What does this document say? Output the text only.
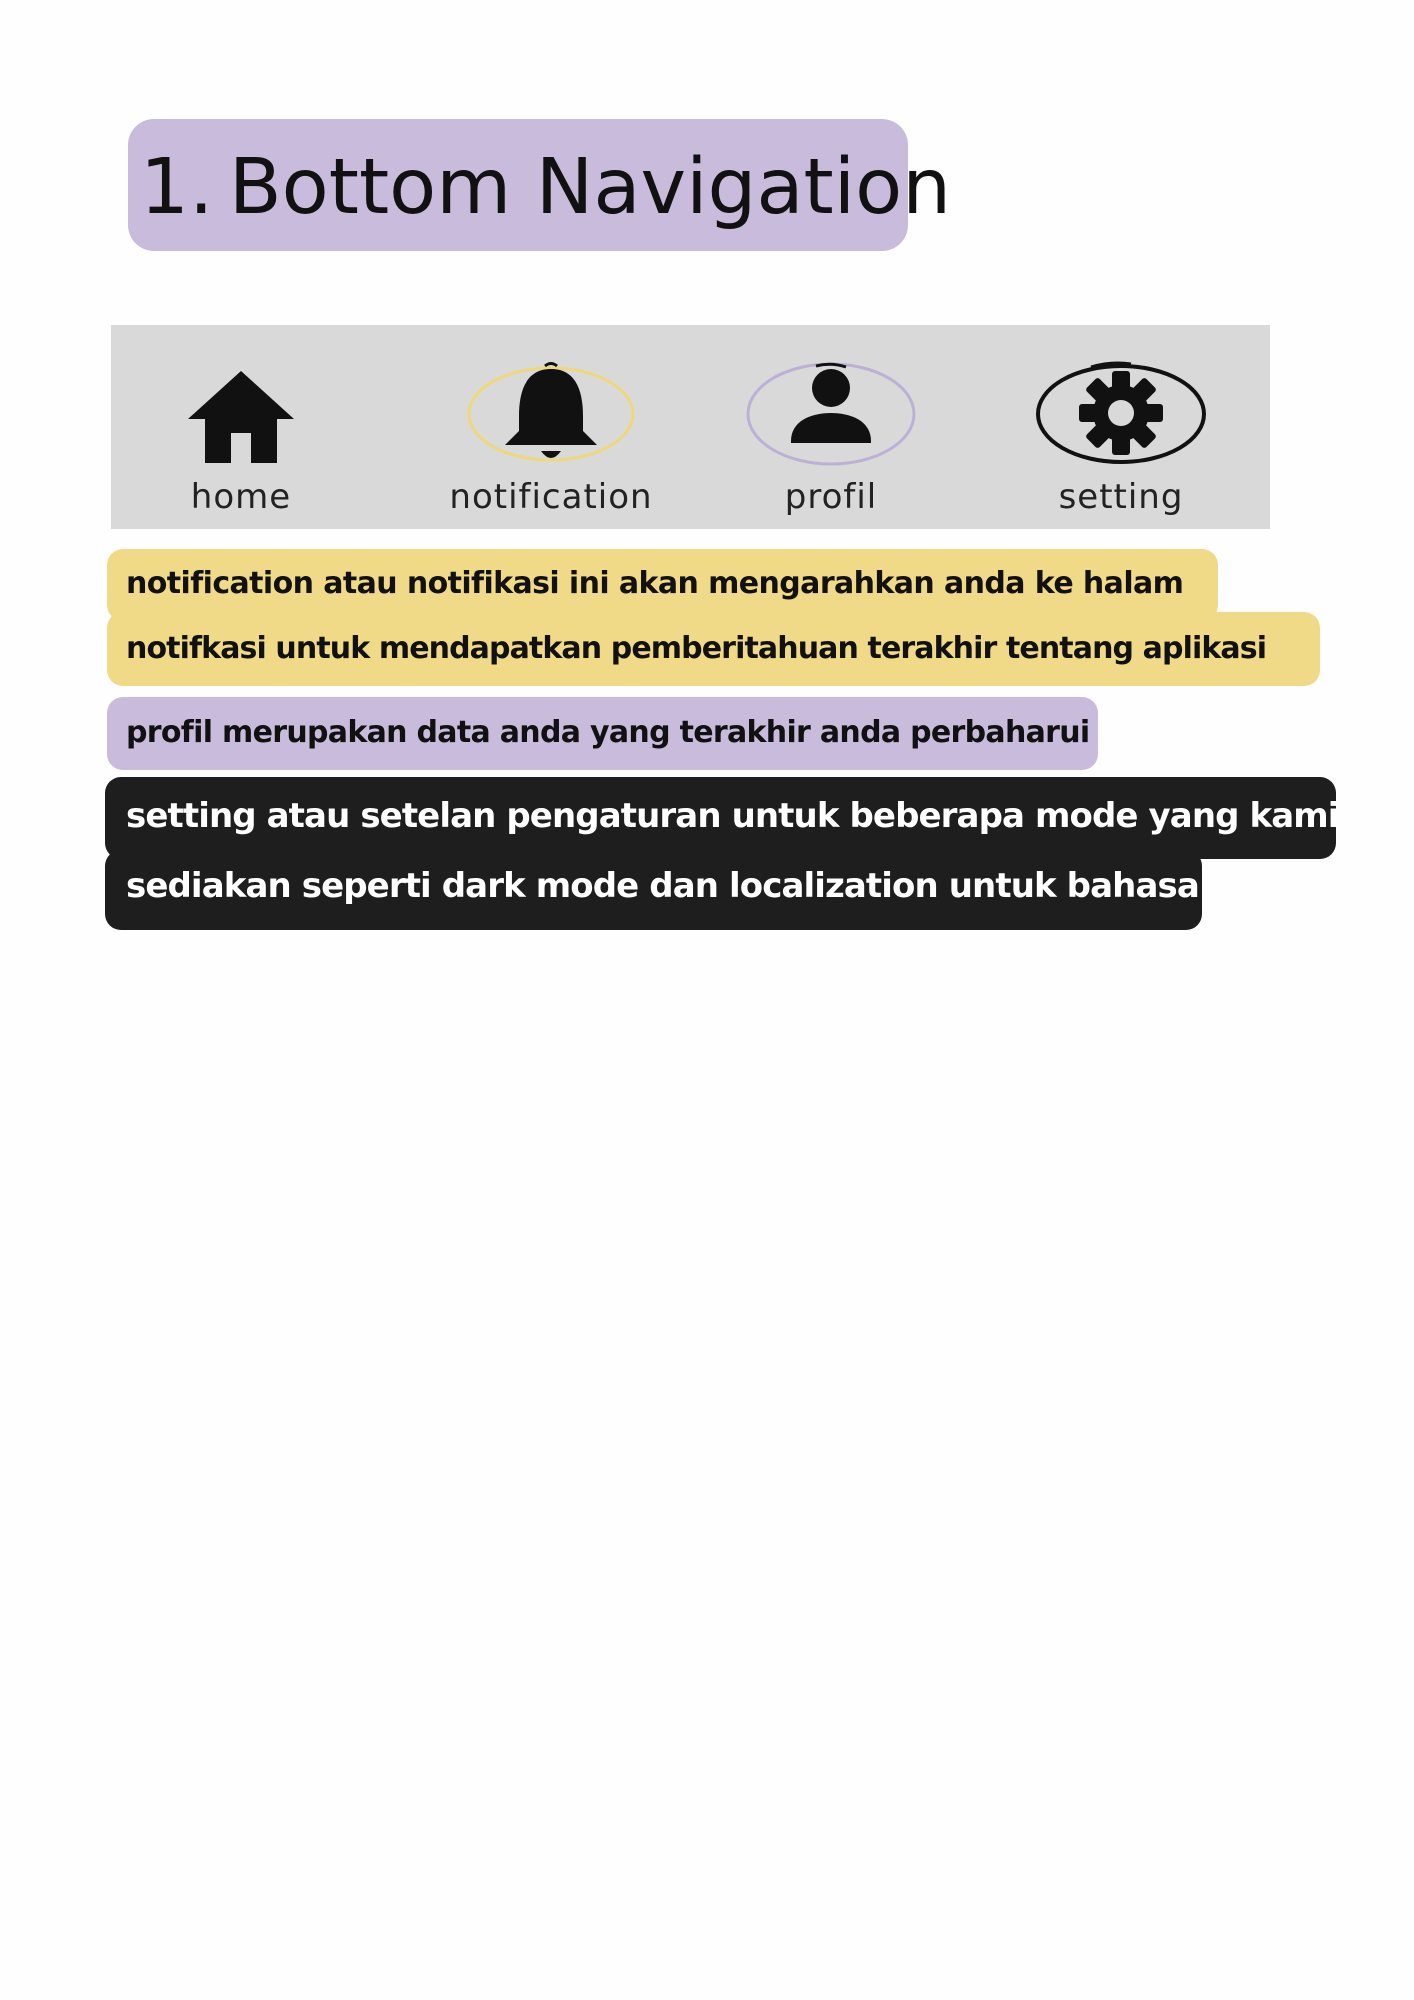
1. Bottom Navigation
home	notification	profil	setting
notification atau notifikasi ini akan mengarahkan anda ke halam
notifkasi untuk mendapatkan pemberitahuan terakhir tentang aplikasi
profil merupakan data anda yang terakhir anda perbaharui
setting atau setelan pengaturan untuk beberapa mode yang kami
sediakan seperti dark mode dan localization untuk bahasa
